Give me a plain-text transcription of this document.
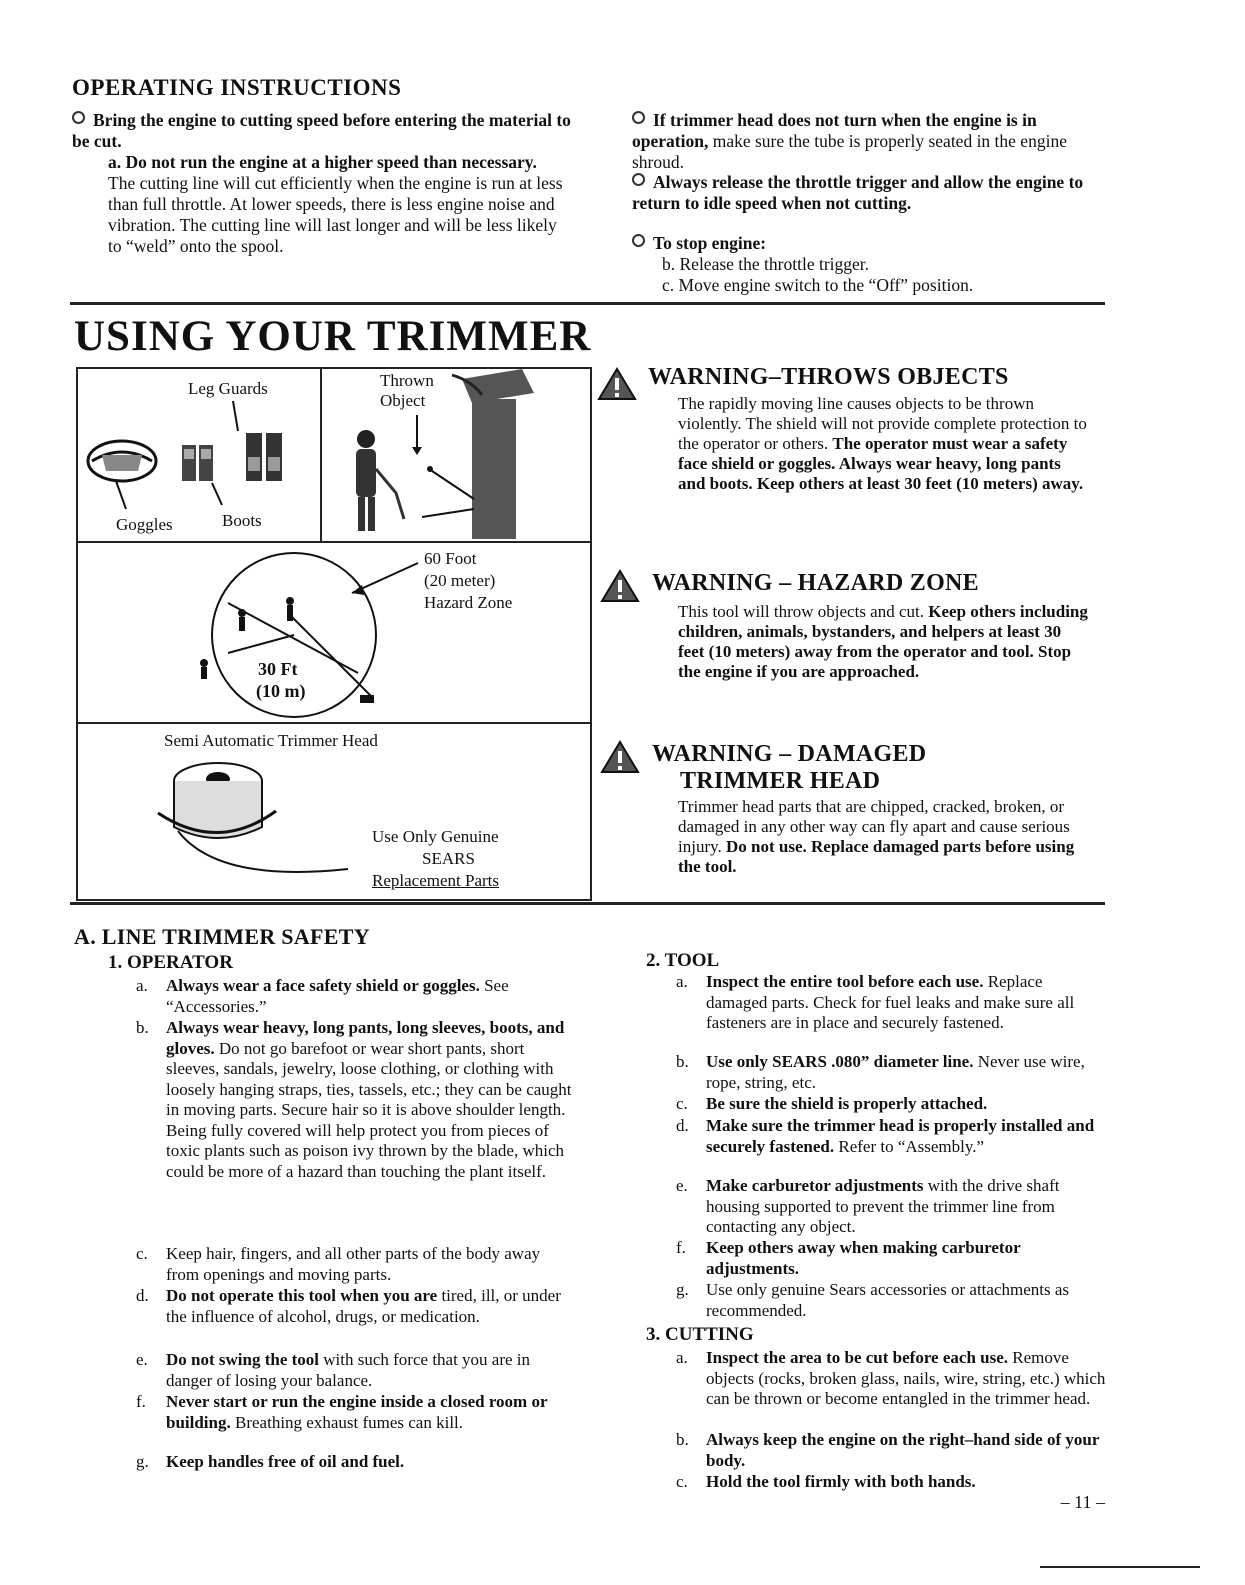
OPERATING INSTRUCTIONS
Bring the engine to cutting speed before entering the material to be cut.
a. Do not run the engine at a higher speed than necessary. The cutting line will cut efficiently when the engine is run at less than full throttle. At lower speeds, there is less engine noise and vibration. The cutting line will last longer and will be less likely to “weld” onto the spool.
If trimmer head does not turn when the engine is in operation, make sure the tube is properly seated in the engine shroud.
Always release the throttle trigger and allow the engine to return to idle speed when not cutting.
To stop engine:
b. Release the throttle trigger.
c. Move engine switch to the “Off” position.
USING YOUR TRIMMER
Leg Guards
Goggles	Boots
Thrown Object
60 Foot
(20 meter)
Hazard Zone
30 Ft
(10 m)
Semi Automatic Trimmer Head
Use Only Genuine
SEARS
Replacement Parts
WARNING–THROWS OBJECTS
The rapidly moving line causes objects to be thrown violently. The shield will not provide complete protection to the operator or others. The operator must wear a safety face shield or goggles. Always wear heavy, long pants and boots. Keep others at least 30 feet (10 meters) away.
WARNING – HAZARD ZONE
This tool will throw objects and cut. Keep others including children, animals, bystanders, and helpers at least 30 feet (10 meters) away from the operator and tool. Stop the engine if you are approached.
WARNING – DAMAGED
TRIMMER HEAD
Trimmer head parts that are chipped, cracked, broken, or damaged in any other way can fly apart and cause serious injury. Do not use. Replace damaged parts before using the tool.
A. LINE TRIMMER SAFETY
1. OPERATOR
a. Always wear a face safety shield or goggles. See “Accessories.”
b. Always wear heavy, long pants, long sleeves, boots, and gloves. Do not go barefoot or wear short pants, short sleeves, sandals, jewelry, loose clothing, or clothing with loosely hanging straps, ties, tassels, etc.; they can be caught in moving parts. Secure hair so it is above shoulder length. Being fully covered will help protect you from pieces of toxic plants such as poison ivy thrown by the blade, which could be more of a hazard than touching the plant itself.
c. Keep hair, fingers, and all other parts of the body away from openings and moving parts.
d. Do not operate this tool when you are tired, ill, or under the influence of alcohol, drugs, or medication.
e. Do not swing the tool with such force that you are in danger of losing your balance.
f. Never start or run the engine inside a closed room or building. Breathing exhaust fumes can kill.
g. Keep handles free of oil and fuel.
2. TOOL
a. Inspect the entire tool before each use. Replace damaged parts. Check for fuel leaks and make sure all fasteners are in place and securely fastened.
b. Use only SEARS .080” diameter line. Never use wire, rope, string, etc.
c. Be sure the shield is properly attached.
d. Make sure the trimmer head is properly installed and securely fastened. Refer to “Assembly.”
e. Make carburetor adjustments with the drive shaft housing supported to prevent the trimmer line from contacting any object.
f. Keep others away when making carburetor adjustments.
g. Use only genuine Sears accessories or attachments as recommended.
3. CUTTING
a. Inspect the area to be cut before each use. Remove objects (rocks, broken glass, nails, wire, string, etc.) which can be thrown or become entangled in the trimmer head.
b. Always keep the engine on the right–hand side of your body.
c. Hold the tool firmly with both hands.
– 11 –
